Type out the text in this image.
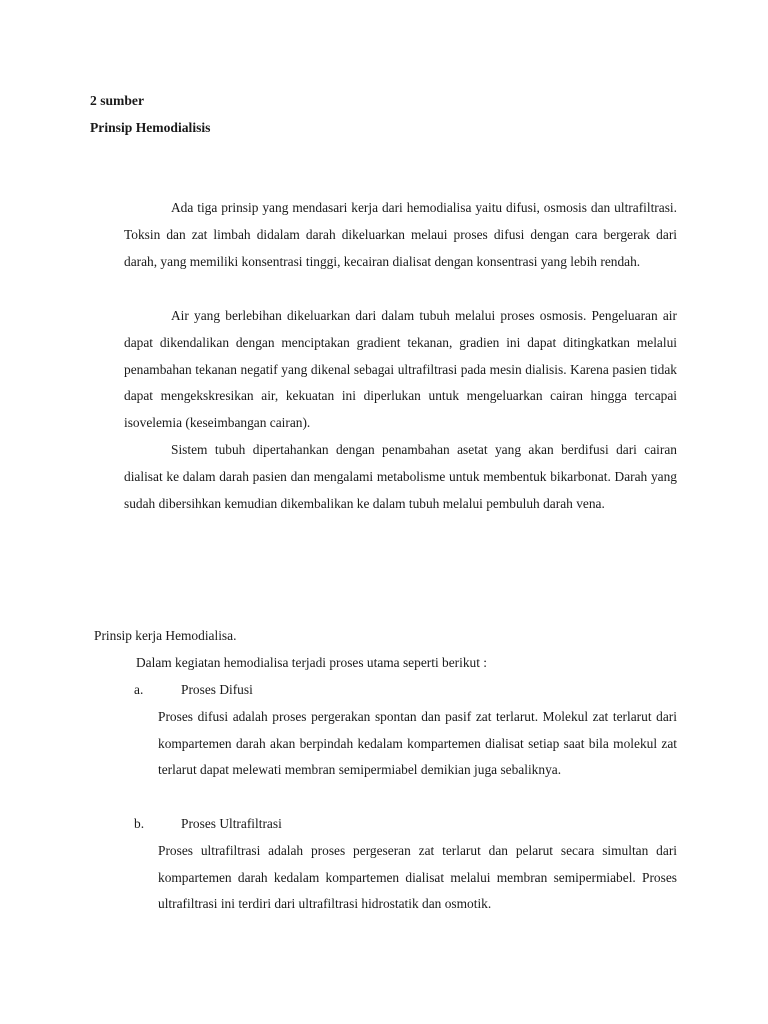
2 sumber
Prinsip Hemodialisis

Ada tiga prinsip yang mendasari kerja dari hemodialisa yaitu difusi, osmosis dan ultrafiltrasi. Toksin dan zat limbah didalam darah dikeluarkan melaui proses difusi dengan cara bergerak dari darah, yang memiliki konsentrasi tinggi, kecairan dialisat dengan konsentrasi yang lebih rendah.

Air yang berlebihan dikeluarkan dari dalam tubuh melalui proses osmosis. Pengeluaran air dapat dikendalikan dengan menciptakan gradient tekanan, gradien ini dapat ditingkatkan melalui penambahan tekanan negatif yang dikenal sebagai ultrafiltrasi pada mesin dialisis. Karena pasien tidak dapat mengekskresikan air, kekuatan ini diperlukan untuk mengeluarkan cairan hingga tercapai isovelemia (keseimbangan cairan).

Sistem tubuh dipertahankan dengan penambahan asetat yang akan berdifusi dari cairan dialisat ke dalam darah pasien dan mengalami metabolisme untuk membentuk bikarbonat. Darah yang sudah dibersihkan kemudian dikembalikan ke dalam tubuh melalui pembuluh darah vena.

Prinsip kerja Hemodialisa.
Dalam kegiatan hemodialisa terjadi proses utama seperti berikut :
a.	Proses Difusi

Proses difusi adalah proses pergerakan spontan dan pasif zat terlarut. Molekul zat terlarut dari kompartemen darah akan berpindah kedalam kompartemen dialisat setiap saat bila molekul zat terlarut dapat melewati membran semipermiabel demikian juga sebaliknya.

b.	Proses Ultrafiltrasi

Proses ultrafiltrasi adalah proses pergeseran zat terlarut dan pelarut secara simultan dari kompartemen darah kedalam kompartemen dialisat melalui membran semipermiabel. Proses ultrafiltrasi ini terdiri dari ultrafiltrasi hidrostatik dan osmotik.
